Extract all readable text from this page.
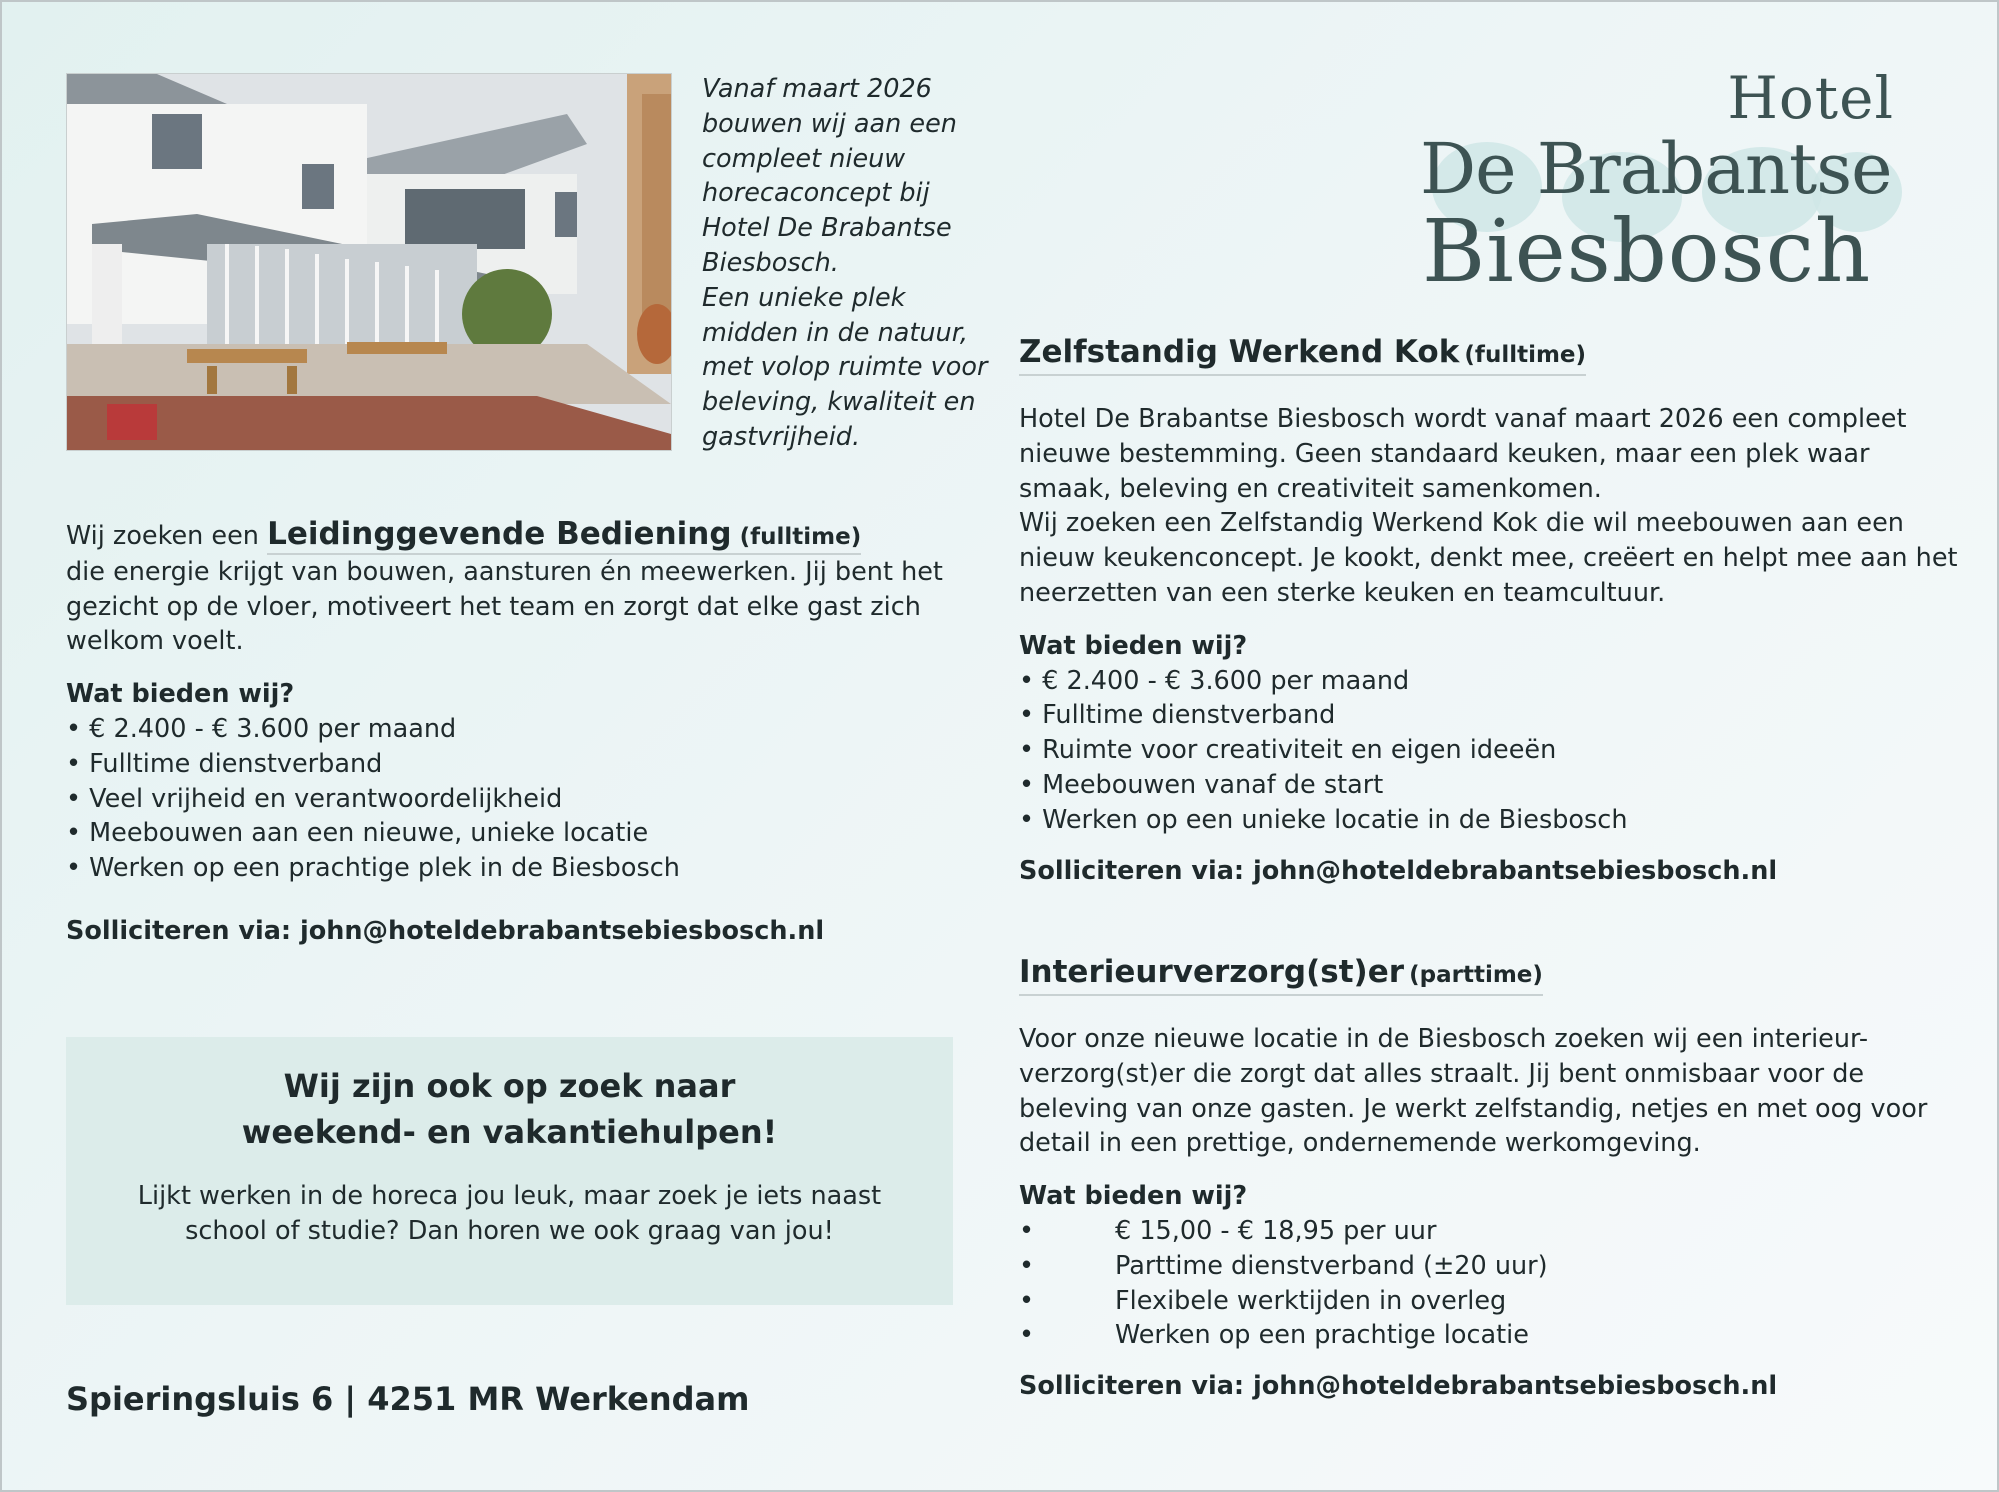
Vanaf maart 2026

bouwen wij aan een

compleet nieuw

horecaconcept bij

Hotel De Brabantse

Biesbosch.

Een unieke plek

midden in de natuur,

met volop ruimte voor

beleving, kwaliteit en

gastvrijheid.

Hotel
De Brabantse
Biesbosch

Wij zoeken een Leidinggevende Bediening (fulltime)

die energie krijgt van bouwen, aansturen én meewerken. Jij bent het gezicht op de vloer, motiveert het team en zorgt dat elke gast zich welkom voelt.

Wat bieden wij?

• € 2.400 - € 3.600 per maand
• Fulltime dienstverband
• Veel vrijheid en verantwoordelijkheid
• Meebouwen aan een nieuwe, unieke locatie
• Werken op een prachtige plek in de Biesbosch

Solliciteren via: john@hoteldebrabantsebiesbosch.nl

Wij zijn ook op zoek naar
weekend- en vakantiehulpen!

Lijkt werken in de horeca jou leuk, maar zoek je iets naast school of studie? Dan horen we ook graag van jou!

Spieringsluis 6 | 4251 MR Werkendam
Zelfstandig Werkend Kok (fulltime)

Hotel De Brabantse Biesbosch wordt vanaf maart 2026 een compleet nieuwe bestemming. Geen standaard keuken, maar een plek waar smaak, beleving en creativiteit samenkomen.

Wij zoeken een Zelfstandig Werkend Kok die wil meebouwen aan een nieuw keukenconcept. Je kookt, denkt mee, creëert en helpt mee aan het neerzetten van een sterke keuken en teamcultuur.

Wat bieden wij?

• € 2.400 - € 3.600 per maand
• Fulltime dienstverband
• Ruimte voor creativiteit en eigen ideeën
• Meebouwen vanaf de start
• Werken op een unieke locatie in de Biesbosch

Solliciteren via: john@hoteldebrabantsebiesbosch.nl

Interieurverzorg(st)er (parttime)

Voor onze nieuwe locatie in de Biesbosch zoeken wij een interieur-verzorg(st)er die zorgt dat alles straalt. Jij bent onmisbaar voor de beleving van onze gasten. Je werkt zelfstandig, netjes en met oog voor detail in een prettige, ondernemende werkomgeving.

Wat bieden wij?

•	€ 15,00 - € 18,95 per uur
•	Parttime dienstverband (±20 uur)
•	Flexibele werktijden in overleg
•	Werken op een prachtige locatie

Solliciteren via: john@hoteldebrabantsebiesbosch.nl
